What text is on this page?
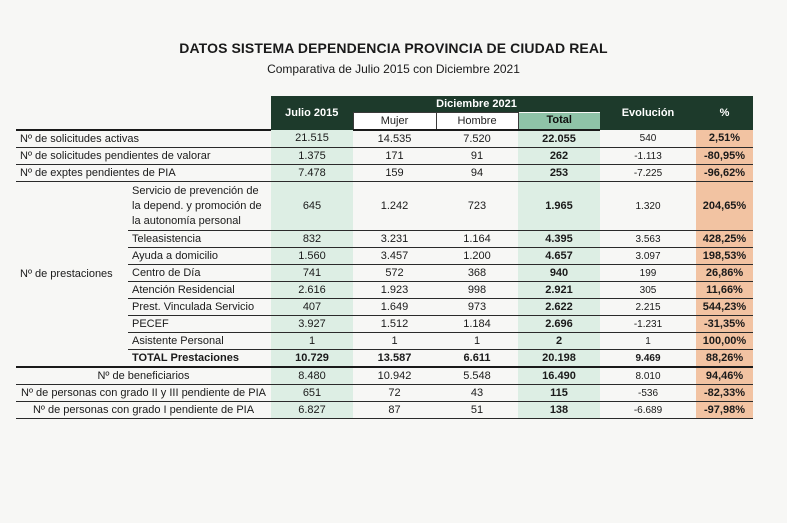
DATOS SISTEMA DEPENDENCIA PROVINCIA DE CIUDAD REAL
Comparativa de Julio 2015 con Diciembre 2021
		Julio 2015	Diciembre 2021			Evolución	%
			Mujer	Hombre	Total		
Nº de solicitudes activas		21.515	14.535	7.520	22.055	540	2,51%
Nº de solicitudes pendientes de valorar		1.375	171	91	262	-1.113	-80,95%
Nº de exptes pendientes de PIA		7.478	159	94	253	-7.225	-96,62%
Nº de prestaciones	Servicio de prevención de la depend. y promoción de la autonomía personal	645	1.242	723	1.965	1.320	204,65%
	Teleasistencia	832	3.231	1.164	4.395	3.563	428,25%
	Ayuda a domicilio	1.560	3.457	1.200	4.657	3.097	198,53%
	Centro de Día	741	572	368	940	199	26,86%
	Atención Residencial	2.616	1.923	998	2.921	305	11,66%
	Prest. Vinculada Servicio	407	1.649	973	2.622	2.215	544,23%
	PECEF	3.927	1.512	1.184	2.696	-1.231	-31,35%
	Asistente Personal	1	1	1	2	1	100,00%
	TOTAL Prestaciones	10.729	13.587	6.611	20.198	9.469	88,26%
Nº de beneficiarios		8.480	10.942	5.548	16.490	8.010	94,46%
Nº de personas con grado II y III pendiente de PIA		651	72	43	115	-536	-82,33%
Nº de personas con grado I pendiente de PIA		6.827	87	51	138	-6.689	-97,98%
